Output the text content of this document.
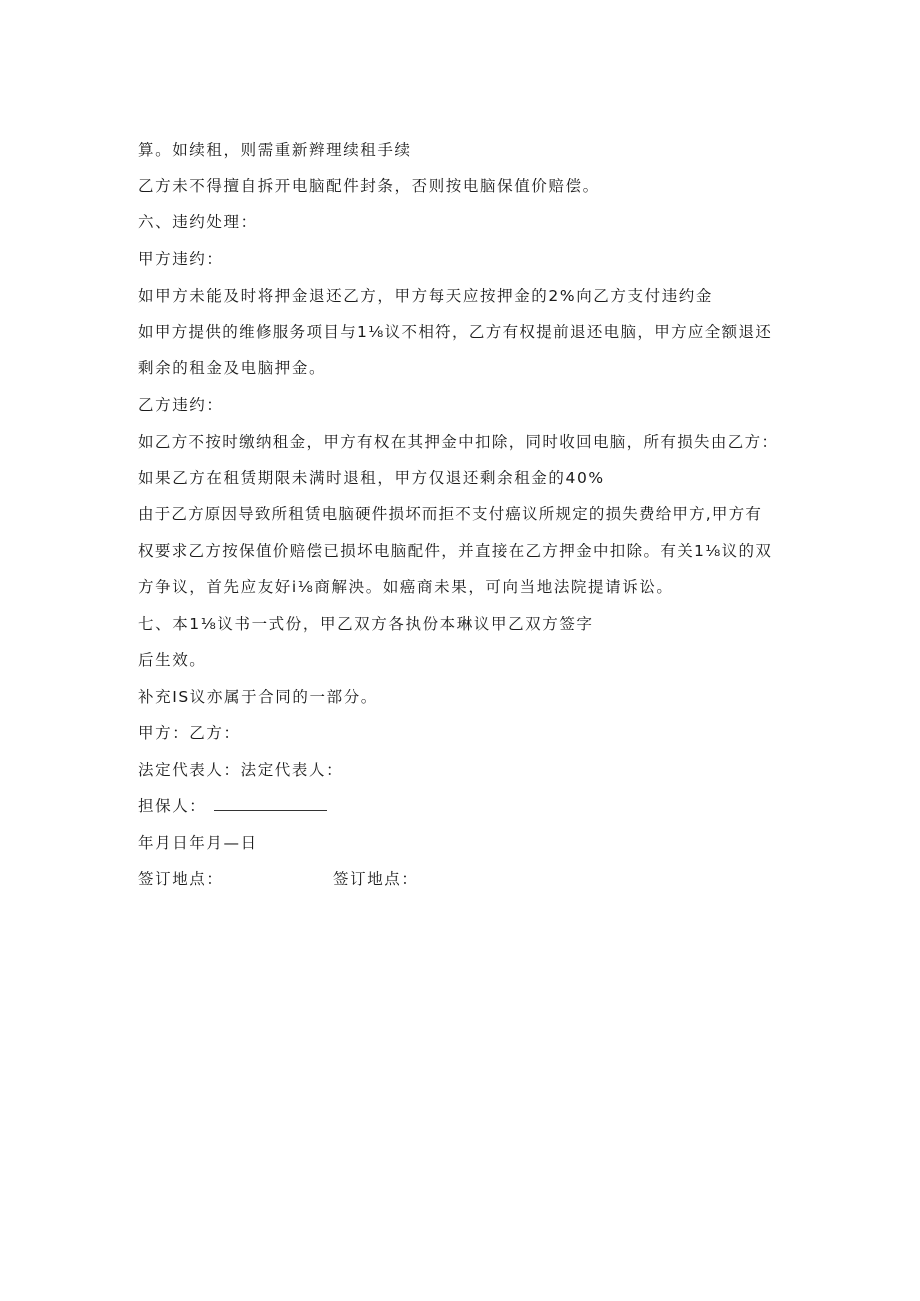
算。如续租，则需重新辫理续租手续
乙方未不得擅自拆开电脑配件封条，否则按电脑保值价赔偿。
六、违约处理：
甲方违约：
如甲方未能及时将押金退还乙方，甲方每天应按押金的2%向乙方支付违约金
如甲方提供的维修服务项目与1⅛议不相符，乙方有权提前退还电脑，甲方应全额退还
剩余的租金及电脑押金。
乙方违约：
如乙方不按时缴纳租金，甲方有权在其押金中扣除，同时收回电脑，所有损失由乙方：
如果乙方在租赁期限未满时退租，甲方仅退还剩余租金的40%
由于乙方原因导致所租赁电脑硬件损坏而拒不支付癌议所规定的损失费给甲方,甲方有
权要求乙方按保值价赔偿已损坏电脑配件，并直接在乙方押金中扣除。有关1⅛议的双
方争议，首先应友好i⅛商解泱。如癌商未果，可向当地法院提请诉讼。
七、本1⅛议书一式份，甲乙双方各执份本琳议甲乙双方签字
后生效。
补充IS议亦属于合同的一部分。
甲方：乙方：
法定代表人：法定代表人：
担保人：
年月日年月—日
签订地点：	签订地点：
